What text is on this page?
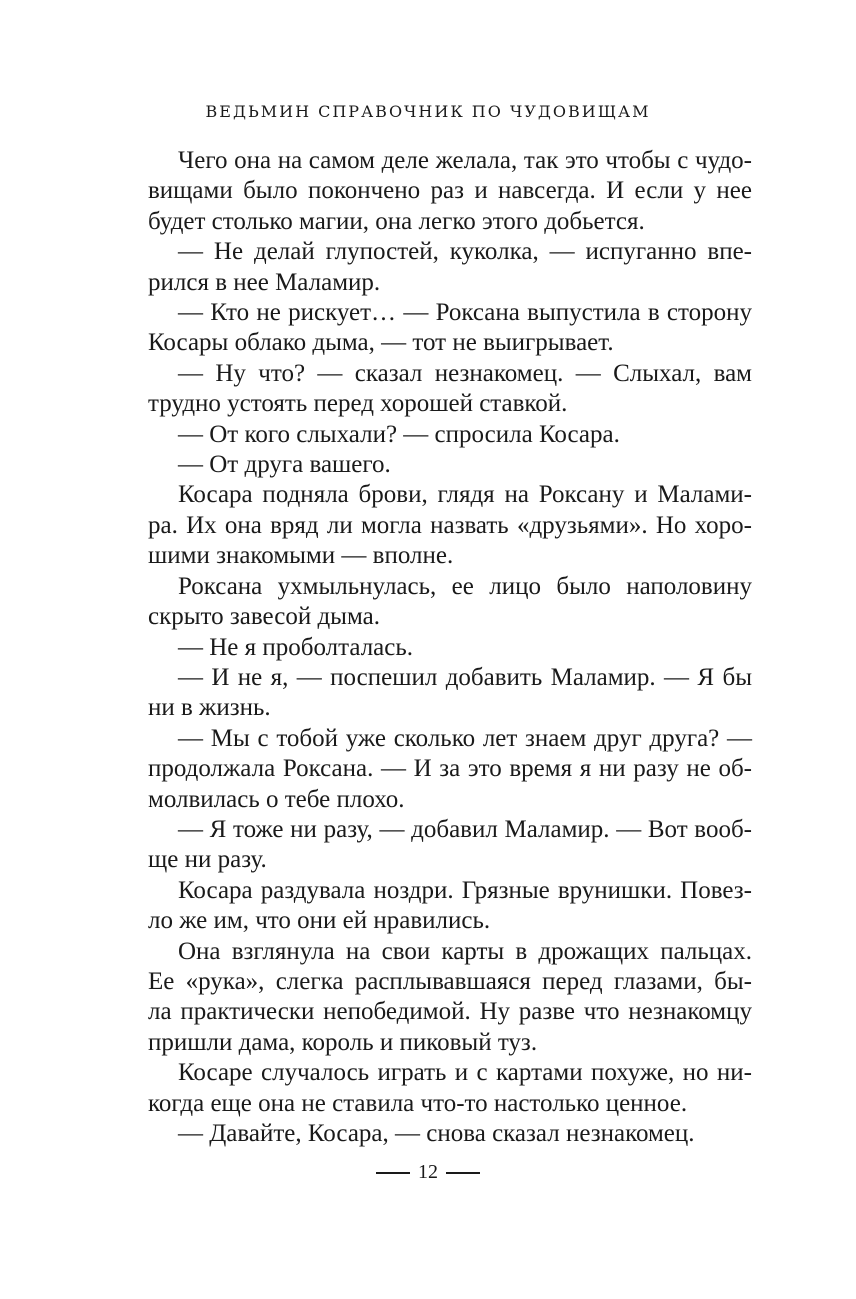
ВЕДЬМИН СПРАВОЧНИК ПО ЧУДОВИЩАМ
Чего она на самом деле желала, так это чтобы с чудо-
вищами было покончено раз и навсегда. И если у нее
будет столько магии, она легко этого добьется.
— Не делай глупостей, куколка, — испуганно впе-
рился в нее Маламир.
— Кто не рискует… — Роксана выпустила в сторону
Косары облако дыма, — тот не выигрывает.
— Ну что? — сказал незнакомец. — Слыхал, вам
трудно устоять перед хорошей ставкой.
— От кого слыхали? — спросила Косара.
— От друга вашего.
Косара подняла брови, глядя на Роксану и Малами-
ра. Их она вряд ли могла назвать «друзьями». Но хоро-
шими знакомыми — вполне.
Роксана ухмыльнулась, ее лицо было наполовину
скрыто завесой дыма.
— Не я проболталась.
— И не я, — поспешил добавить Маламир. — Я бы
ни в жизнь.
— Мы с тобой уже сколько лет знаем друг друга? —
продолжала Роксана. — И за это время я ни разу не об-
молвилась о тебе плохо.
— Я тоже ни разу, — добавил Маламир. — Вот вооб-
ще ни разу.
Косара раздувала ноздри. Грязные врунишки. Повез-
ло же им, что они ей нравились.
Она взглянула на свои карты в дрожащих пальцах.
Ее «рука», слегка расплывавшаяся перед глазами, бы-
ла практически непобедимой. Ну разве что незнакомцу
пришли дама, король и пиковый туз.
Косаре случалось играть и с картами похуже, но ни-
когда еще она не ставила что-то настолько ценное.
— Давайте, Косара, — снова сказал незнакомец.
12
